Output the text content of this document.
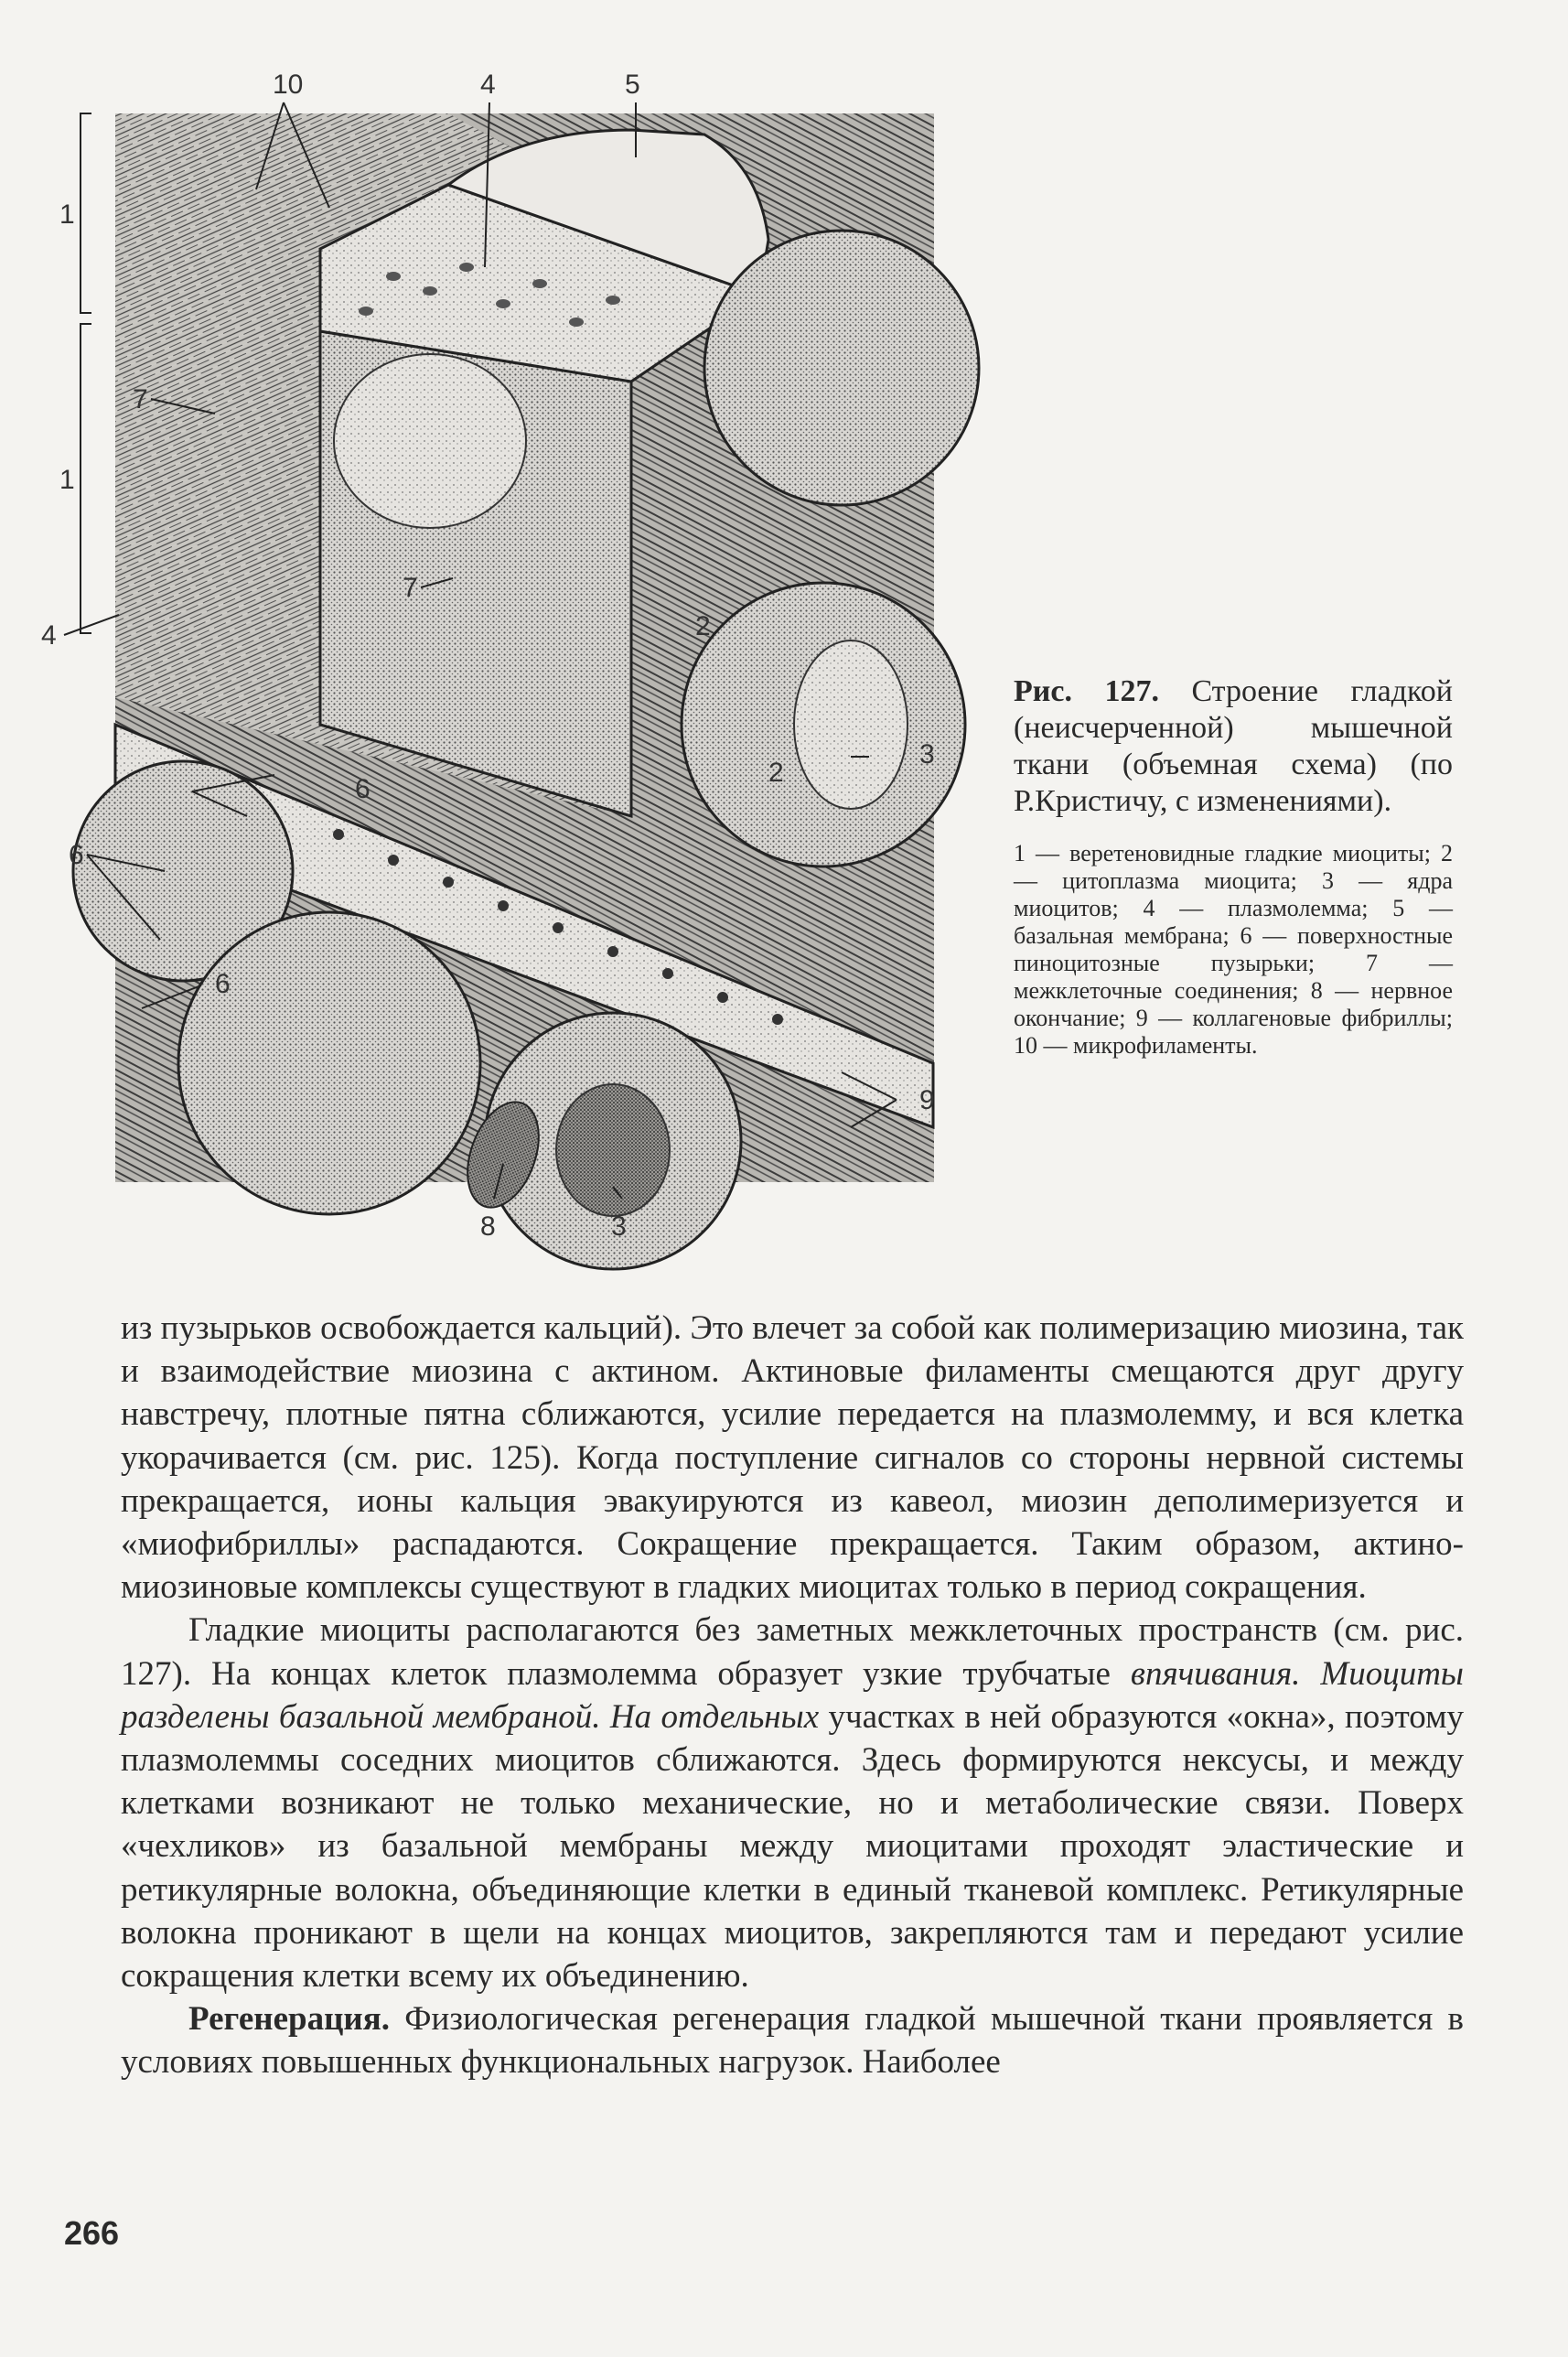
10	4	5
1
1
4
7
7
2
2
3
6
6
6
9
8	3

Рис. 127. Строение гладкой (неисчерченной) мышечной ткани (объемная схема) (по Р.Кристичу, с изменениями).

1 — веретеновидные гладкие миоциты; 2 — цитоплазма миоцита; 3 — ядра миоцитов; 4 — плазмолемма; 5 — базальная мембрана; 6 — поверхностные пиноцитозные пузырьки; 7 — межклеточные соединения; 8 — нервное окончание; 9 — коллагеновые фибриллы; 10 — микрофиламенты.

из пузырьков освобождается кальций). Это влечет за собой как полимеризацию миозина, так и взаимодействие миозина с актином. Актиновые филаменты смещаются друг другу навстречу, плотные пятна сближаются, усилие передается на плазмолемму, и вся клетка укорачивается (см. рис. 125). Когда поступление сигналов со стороны нервной системы прекращается, ионы кальция эвакуируются из кавеол, миозин деполимеризуется и «миофибриллы» распадаются. Сокращение прекращается. Таким образом, актино-миозиновые комплексы существуют в гладких миоцитах только в период сокращения.

Гладкие миоциты располагаются без заметных межклеточных пространств (см. рис. 127). На концах клеток плазмолемма образует узкие трубчатые впячивания. Миоциты разделены базальной мембраной. На отдельных участках в ней образуются «окна», поэтому плазмолеммы соседних миоцитов сближаются. Здесь формируются нексусы, и между клетками возникают не только механические, но и метаболические связи. Поверх «чехликов» из базальной мембраны между миоцитами проходят эластические и ретикулярные волокна, объединяющие клетки в единый тканевой комплекс. Ретикулярные волокна проникают в щели на концах миоцитов, закрепляются там и передают усилие сокращения клетки всему их объединению.

Регенерация. Физиологическая регенерация гладкой мышечной ткани проявляется в условиях повышенных функциональных нагрузок. Наиболее

266
